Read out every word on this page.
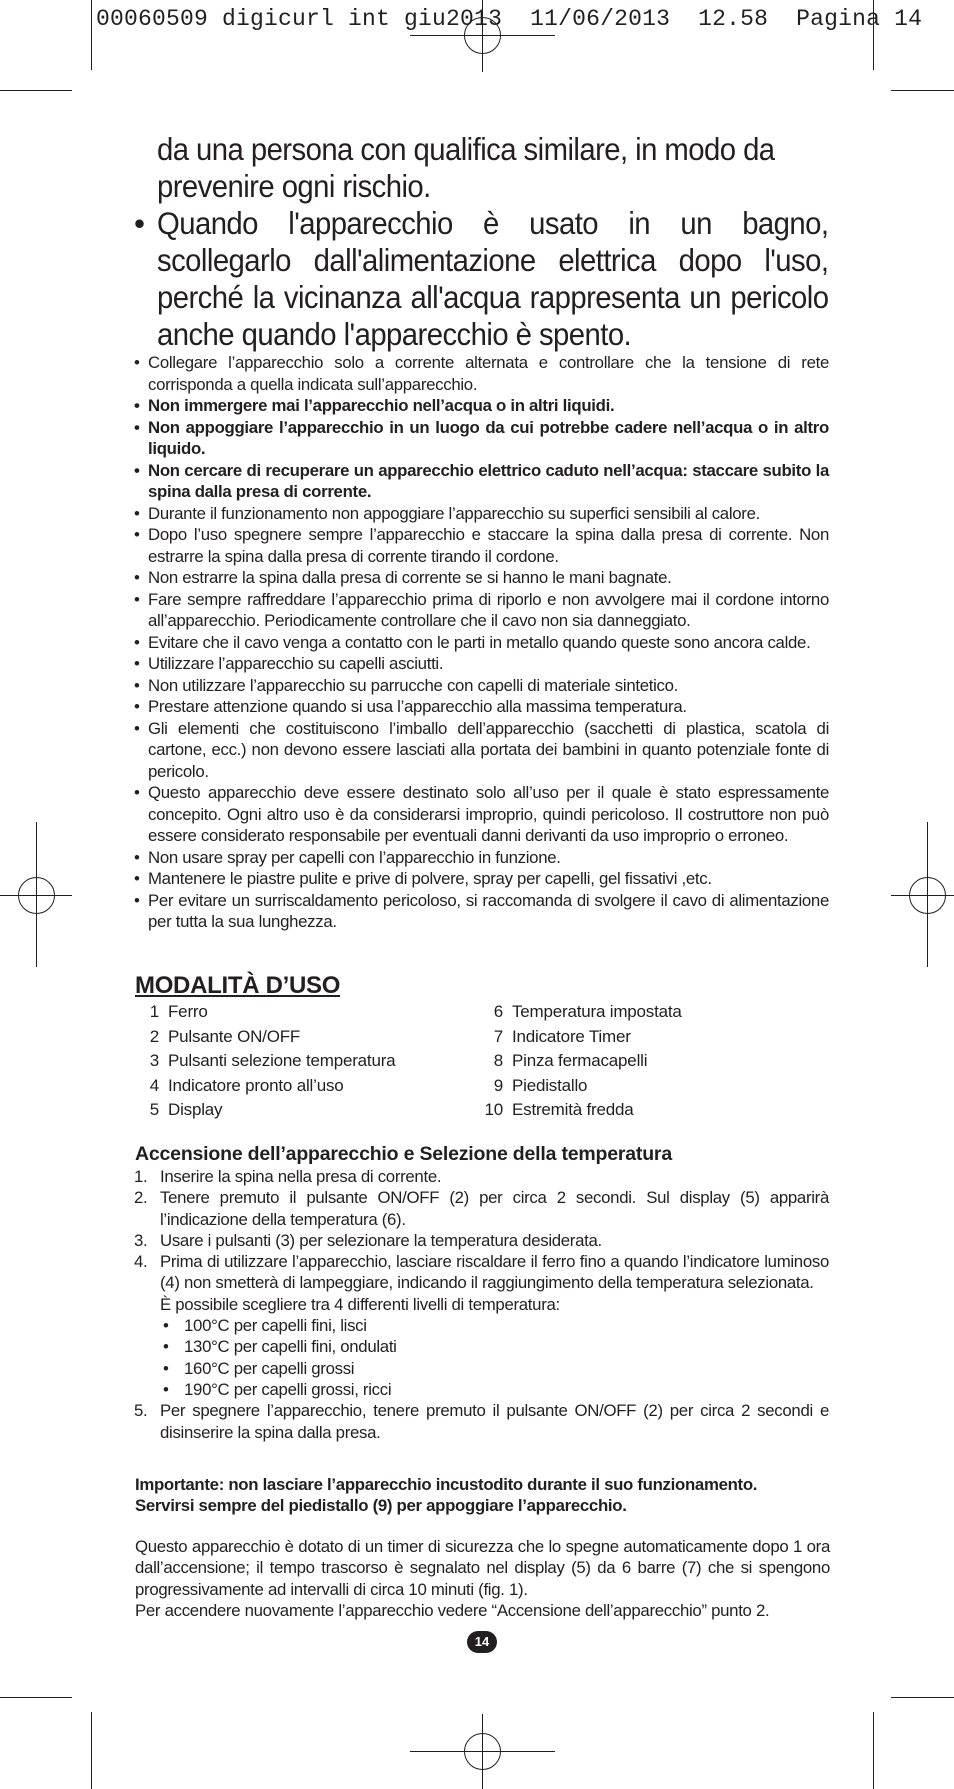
00060509 digicurl int giu2013  11/06/2013  12.58  Pagina 14

da una persona con qualifica similare, in modo da prevenire ogni rischio.

• Quando l'apparecchio è usato in un bagno, scollegarlo dall'alimentazione elettrica dopo l'uso, perché la vicinanza all'acqua rappresenta un pericolo anche quando l'apparecchio è spento.

• Collegare l’apparecchio solo a corrente alternata e controllare che la tensione di rete corrisponda a quella indicata sull’apparecchio.
• Non immergere mai l’apparecchio nell’acqua o in altri liquidi.
• Non appoggiare l’apparecchio in un luogo da cui potrebbe cadere nell’acqua o in altro liquido.
• Non cercare di recuperare un apparecchio elettrico caduto nell’acqua: staccare subito la spina dalla presa di corrente.
• Durante il funzionamento non appoggiare l’apparecchio su superfici sensibili al calore.
• Dopo l’uso spegnere sempre l’apparecchio e staccare la spina dalla presa di corrente. Non estrarre la spina dalla presa di corrente tirando il cordone.
• Non estrarre la spina dalla presa di corrente se si hanno le mani bagnate.
• Fare sempre raffreddare l’apparecchio prima di riporlo e non avvolgere mai il cordone intorno all’apparecchio. Periodicamente controllare che il cavo non sia danneggiato.
• Evitare che il cavo venga a contatto con le parti in metallo quando queste sono ancora calde.
• Utilizzare l’apparecchio su capelli asciutti.
• Non utilizzare l’apparecchio su parrucche con capelli di materiale sintetico.
• Prestare attenzione quando si usa l’apparecchio alla massima temperatura.
• Gli elementi che costituiscono l’imballo dell’apparecchio (sacchetti di plastica, scatola di cartone, ecc.) non devono essere lasciati alla portata dei bambini in quanto potenziale fonte di pericolo.
• Questo apparecchio deve essere destinato solo all’uso per il quale è stato espressamente concepito. Ogni altro uso è da considerarsi improprio, quindi pericoloso. Il costruttore non può essere considerato responsabile per eventuali danni derivanti da uso improprio o erroneo.
• Non usare spray per capelli con l’apparecchio in funzione.
• Mantenere le piastre pulite e prive di polvere, spray per capelli, gel fissativi ,etc.
• Per evitare un surriscaldamento pericoloso, si raccomanda di svolgere il cavo di alimentazione per tutta la sua lunghezza.
MODALITÀ D’USO
1 Ferro
2 Pulsante ON/OFF
3 Pulsanti selezione temperatura
4 Indicatore pronto all’uso
5 Display
6 Temperatura impostata
7 Indicatore Timer
8 Pinza fermacapelli
9 Piedistallo
10 Estremità fredda
Accensione dell’apparecchio e Selezione della temperatura
1. Inserire la spina nella presa di corrente.
2. Tenere premuto il pulsante ON/OFF (2) per circa 2 secondi. Sul display (5) apparirà l’indicazione della temperatura (6).
3. Usare i pulsanti (3) per selezionare la temperatura desiderata.
4. Prima di utilizzare l’apparecchio, lasciare riscaldare il ferro fino a quando l’indicatore luminoso (4) non smetterà di lampeggiare, indicando il raggiungimento della temperatura selezionata.
È possibile scegliere tra 4 differenti livelli di temperatura:
• 100°C per capelli fini, lisci
• 130°C per capelli fini, ondulati
• 160°C per capelli grossi
• 190°C per capelli grossi, ricci
5. Per spegnere l’apparecchio, tenere premuto il pulsante ON/OFF (2) per circa 2 secondi e disinserire la spina dalla presa.
Importante: non lasciare l’apparecchio incustodito durante il suo funzionamento.
Servirsi sempre del piedistallo (9) per appoggiare l’apparecchio.

Questo apparecchio è dotato di un timer di sicurezza che lo spegne automaticamente dopo 1 ora dall’accensione; il tempo trascorso è segnalato nel display (5) da 6 barre (7) che si spengono progressivamente ad intervalli di circa 10 minuti (fig. 1).

Per accendere nuovamente l’apparecchio vedere “Accensione dell’apparecchio” punto 2.

14
